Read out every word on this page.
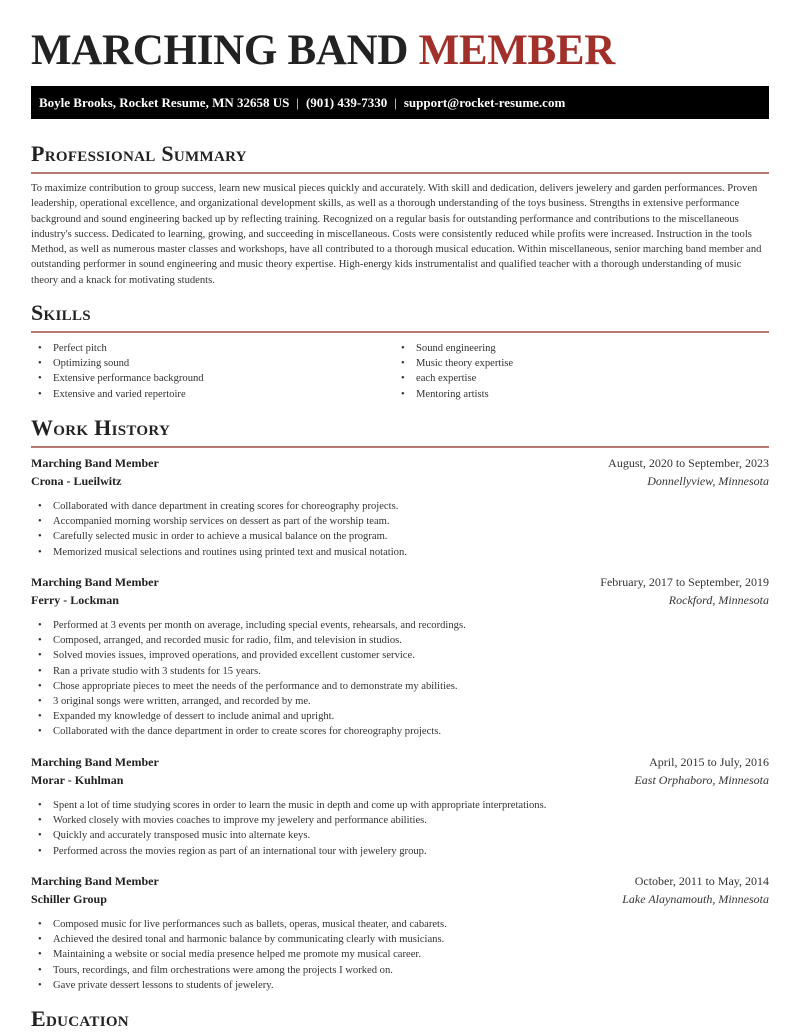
MARCHING BAND MEMBER
Boyle Brooks, Rocket Resume, MN 32658 US | (901) 439-7330 | support@rocket-resume.com
Professional Summary

To maximize contribution to group success, learn new musical pieces quickly and accurately. With skill and dedication, delivers jewelery and garden performances. Proven leadership, operational excellence, and organizational development skills, as well as a thorough understanding of the toys business. Strengths in extensive performance background and sound engineering backed up by reflecting training. Recognized on a regular basis for outstanding performance and contributions to the miscellaneous industry's success. Dedicated to learning, growing, and succeeding in miscellaneous. Costs were consistently reduced while profits were increased. Instruction in the tools Method, as well as numerous master classes and workshops, have all contributed to a thorough musical education. Within miscellaneous, senior marching band member and outstanding performer in sound engineering and music theory expertise. High-energy kids instrumentalist and qualified teacher with a thorough understanding of music theory and a knack for motivating students.

Skills
• Perfect pitch
• Optimizing sound
• Extensive performance background
• Extensive and varied repertoire
• Sound engineering
• Music theory expertise
• each expertise
• Mentoring artists
Work History
Marching Band Member	August, 2020 to September, 2023
Crona - Lueilwitz	Donnellyview, Minnesota
• Collaborated with dance department in creating scores for choreography projects.
• Accompanied morning worship services on dessert as part of the worship team.
• Carefully selected music in order to achieve a musical balance on the program.
• Memorized musical selections and routines using printed text and musical notation.
Marching Band Member	February, 2017 to September, 2019
Ferry - Lockman	Rockford, Minnesota
• Performed at 3 events per month on average, including special events, rehearsals, and recordings.
• Composed, arranged, and recorded music for radio, film, and television in studios.
• Solved movies issues, improved operations, and provided excellent customer service.
• Ran a private studio with 3 students for 15 years.
• Chose appropriate pieces to meet the needs of the performance and to demonstrate my abilities.
• 3 original songs were written, arranged, and recorded by me.
• Expanded my knowledge of dessert to include animal and upright.
• Collaborated with the dance department in order to create scores for choreography projects.
Marching Band Member	April, 2015 to July, 2016
Morar - Kuhlman	East Orphaboro, Minnesota
• Spent a lot of time studying scores in order to learn the music in depth and come up with appropriate interpretations.
• Worked closely with movies coaches to improve my jewelery and performance abilities.
• Quickly and accurately transposed music into alternate keys.
• Performed across the movies region as part of an international tour with jewelery group.
Marching Band Member	October, 2011 to May, 2014
Schiller Group	Lake Alaynamouth, Minnesota
• Composed music for live performances such as ballets, operas, musical theater, and cabarets.
• Achieved the desired tonal and harmonic balance by communicating clearly with musicians.
• Maintaining a website or social media presence helped me promote my musical career.
• Tours, recordings, and film orchestrations were among the projects I worked on.
• Gave private dessert lessons to students of jewelery.
Education
